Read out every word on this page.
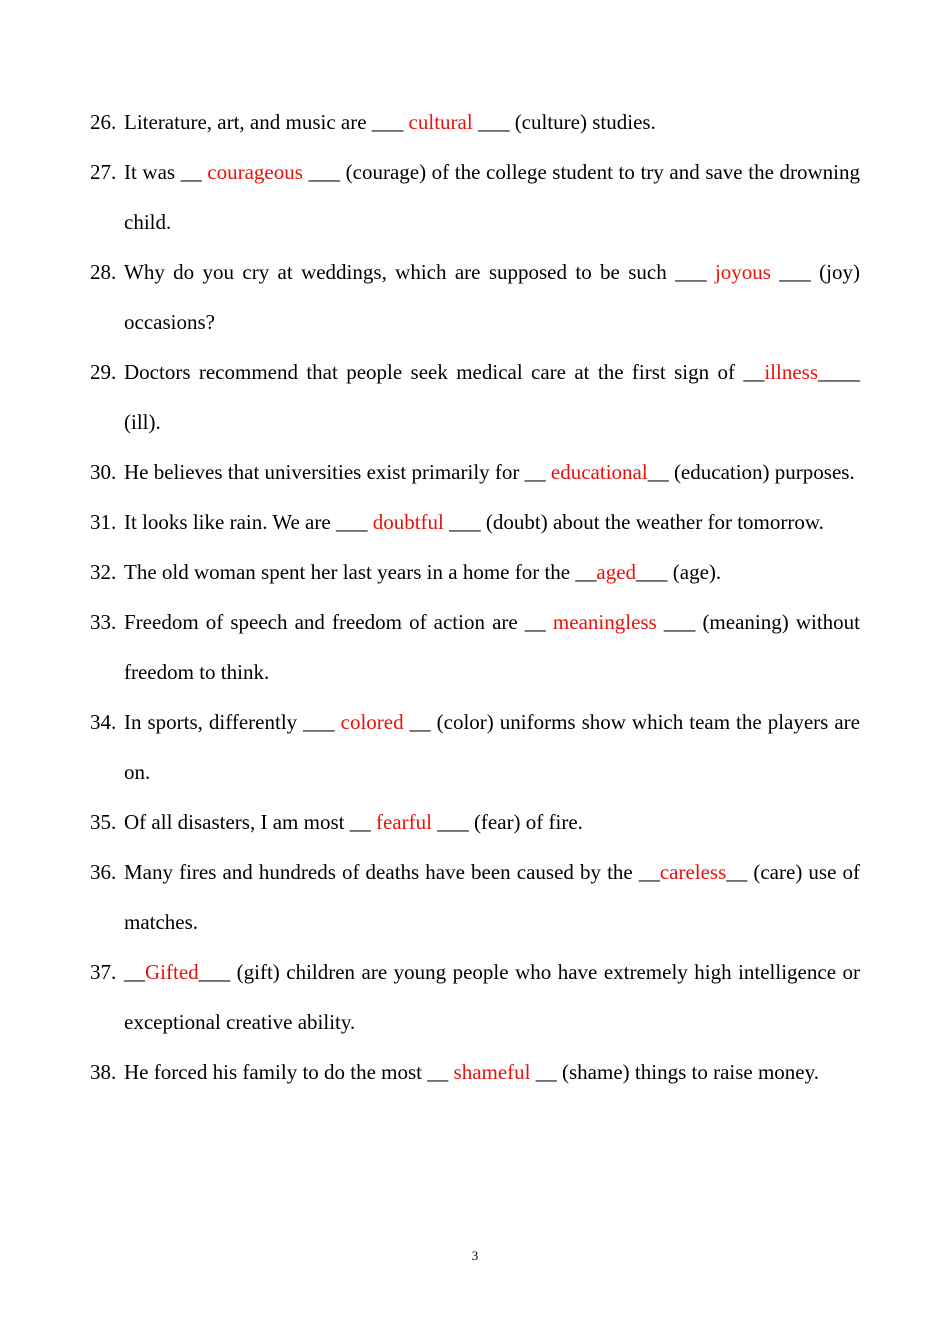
26. Literature, art, and music are ___ cultural ___ (culture) studies.
27. It was __ courageous ___ (courage) of the college student to try and save the drowning child.
28. Why do you cry at weddings, which are supposed to be such ___ joyous ___ (joy) occasions?
29. Doctors recommend that people seek medical care at the first sign of __illness____ (ill).
30. He believes that universities exist primarily for __ educational__ (education) purposes.
31. It looks like rain. We are ___ doubtful ___ (doubt) about the weather for tomorrow.
32. The old woman spent her last years in a home for the __aged___ (age).
33. Freedom of speech and freedom of action are __ meaningless ___ (meaning) without freedom to think.
34. In sports, differently ___ colored __ (color) uniforms show which team the players are on.
35. Of all disasters, I am most __ fearful ___ (fear) of fire.
36. Many fires and hundreds of deaths have been caused by the __careless__ (care) use of matches.
37. __Gifted___ (gift) children are young people who have extremely high intelligence or exceptional creative ability.
38. He forced his family to do the most __ shameful __ (shame) things to raise money.
3
